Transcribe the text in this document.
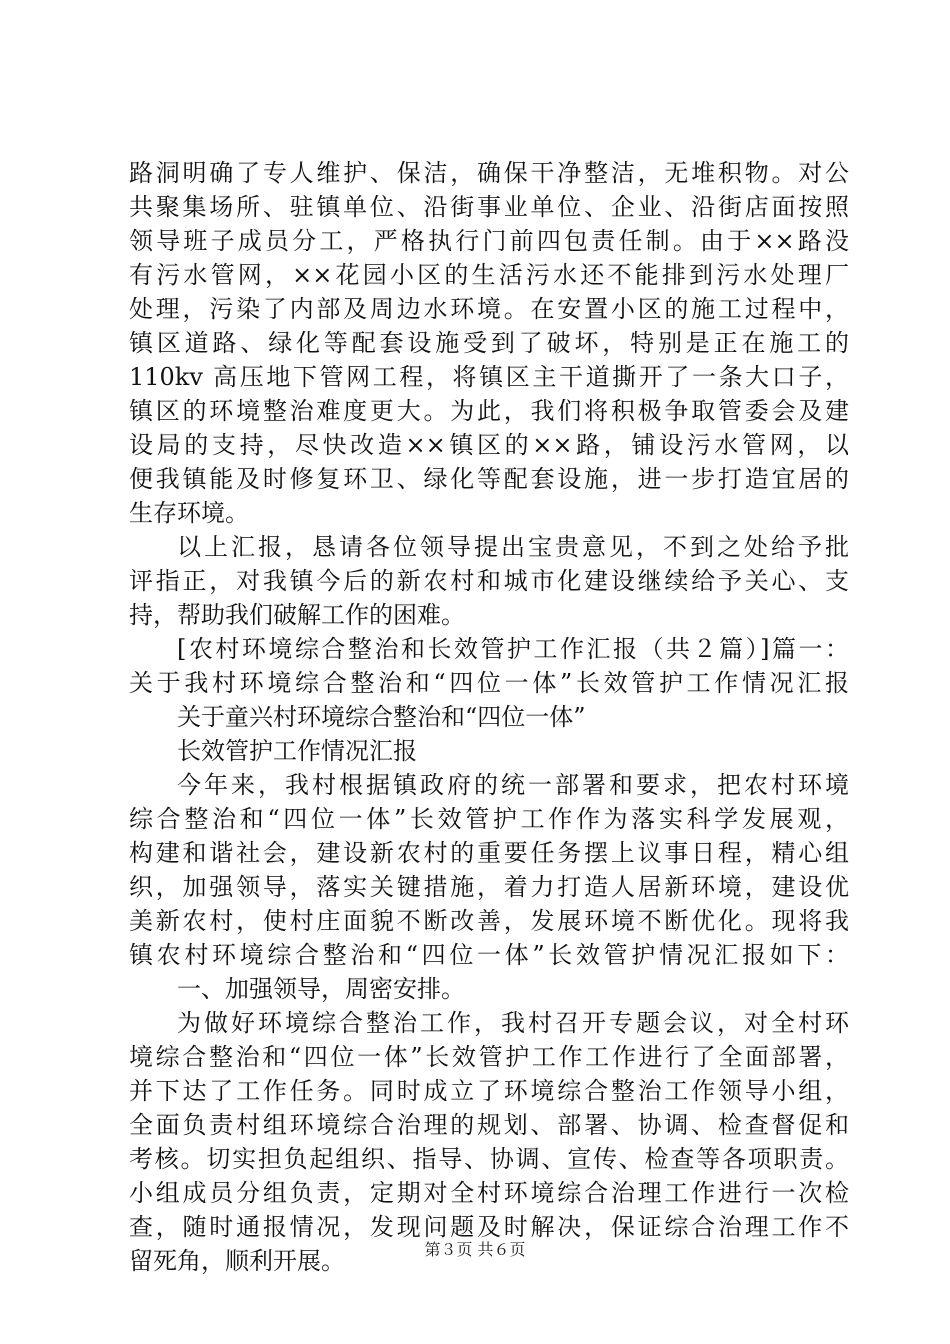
路洞明确了专人维护、保洁，确保干净整洁，无堆积物。对公
共聚集场所、驻镇单位、沿街事业单位、企业、沿街店面按照
领导班子成员分工，严格执行门前四包责任制。由于××路没
有污水管网，××花园小区的生活污水还不能排到污水处理厂
处理，污染了内部及周边水环境。在安置小区的施工过程中，
镇区道路、绿化等配套设施受到了破坏，特别是正在施工的
110kv 高压地下管网工程，将镇区主干道撕开了一条大口子，
镇区的环境整治难度更大。为此，我们将积极争取管委会及建
设局的支持，尽快改造××镇区的××路，铺设污水管网，以
便我镇能及时修复环卫、绿化等配套设施，进一步打造宜居的
生存环境。
以上汇报，恳请各位领导提出宝贵意见，不到之处给予批
评指正，对我镇今后的新农村和城市化建设继续给予关心、支
持，帮助我们破解工作的困难。
[农村环境综合整治和长效管护工作汇报（共２篇）]篇一：
关于我村环境综合整治和“四位一体”长效管护工作情况汇报
关于童兴村环境综合整治和“四位一体”
长效管护工作情况汇报
今年来，我村根据镇政府的统一部署和要求，把农村环境
综合整治和“四位一体”长效管护工作作为落实科学发展观，
构建和谐社会，建设新农村的重要任务摆上议事日程，精心组
织，加强领导，落实关键措施，着力打造人居新环境，建设优
美新农村，使村庄面貌不断改善，发展环境不断优化。现将我
镇农村环境综合整治和“四位一体”长效管护情况汇报如下：
一、加强领导，周密安排。
为做好环境综合整治工作，我村召开专题会议，对全村环
境综合整治和“四位一体”长效管护工作工作进行了全面部署，
并下达了工作任务。同时成立了环境综合整治工作领导小组，
全面负责村组环境综合治理的规划、部署、协调、检查督促和
考核。切实担负起组织、指导、协调、宣传、检查等各项职责。
小组成员分组负责，定期对全村环境综合治理工作进行一次检
查，随时通报情况，发现问题及时解决，保证综合治理工作不
留死角，顺利开展。	第３页 共６页
